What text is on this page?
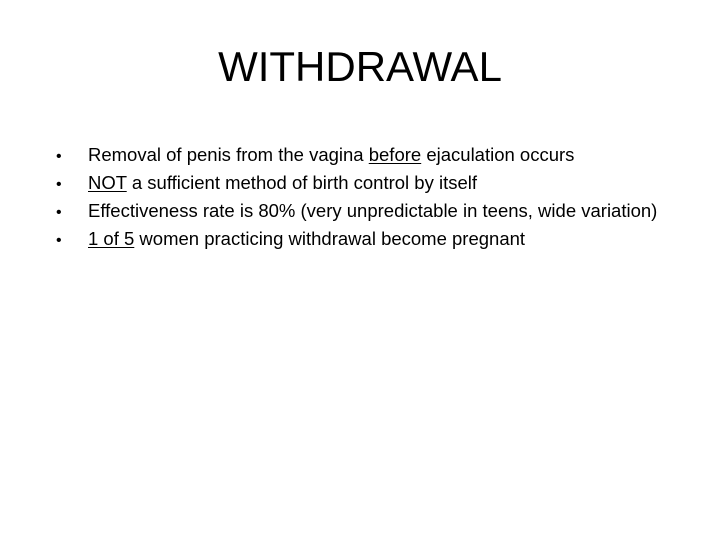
WITHDRAWAL
•	Removal of penis from the vagina before ejaculation occurs
•	NOT a sufficient method of birth control by itself
•	Effectiveness rate is 80% (very unpredictable in teens, wide variation)
•	1 of 5 women practicing withdrawal become pregnant
